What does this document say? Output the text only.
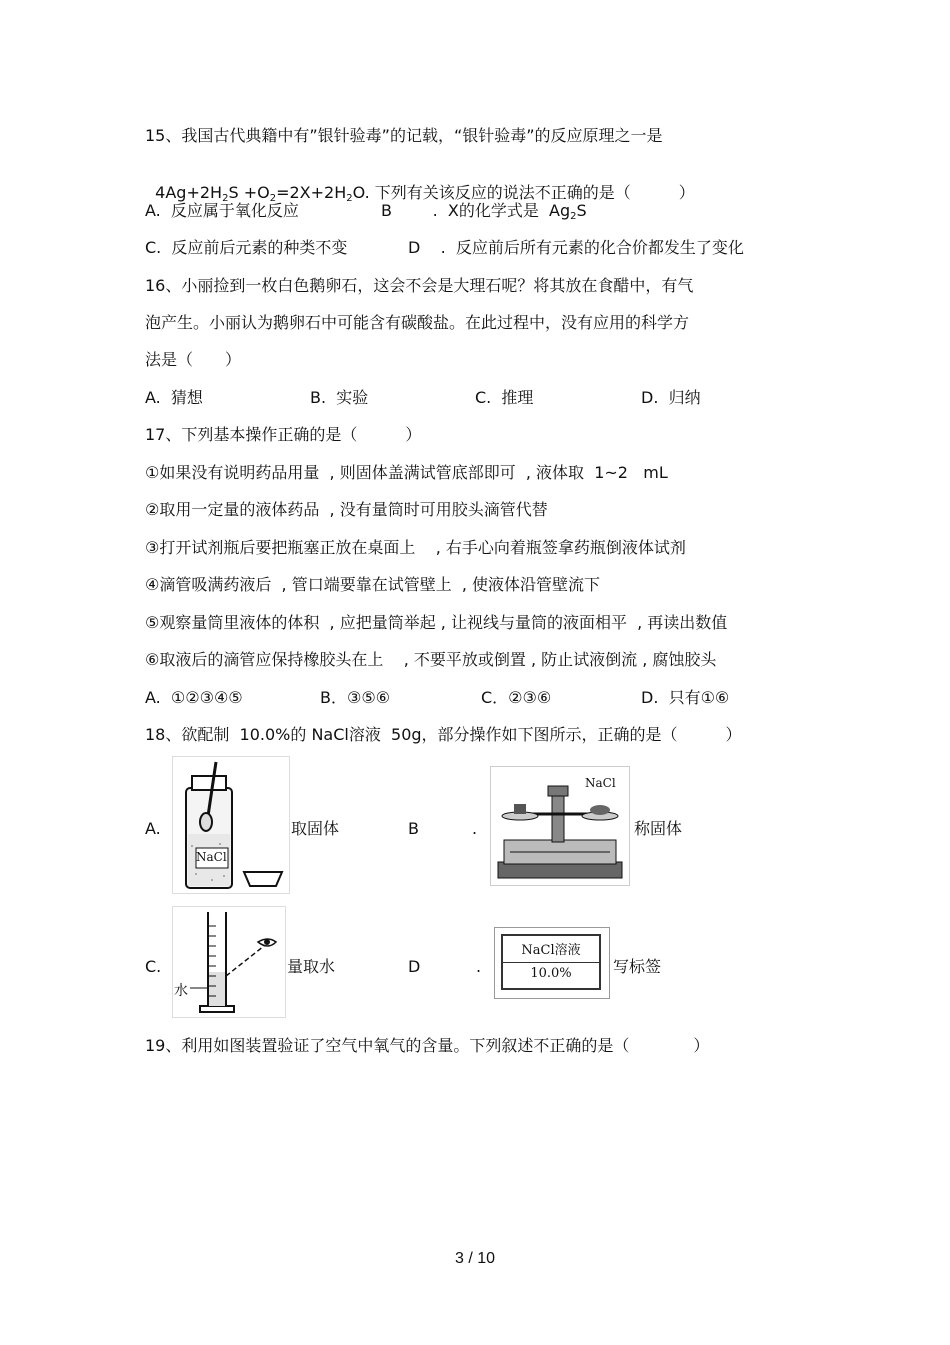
15、我国古代典籍中有”银针验毒”的记载，“银针验毒”的反应原理之一是

$4Ag+2H_2S +O_2=2X+2H_2O$. 下列有关该反应的说法不正确的是（　　　）

A.  反应属于氧化反应	B        .  X的化学式是  $Ag_2S$
C.  反应前后元素的种类不变	D    .  反应前后所有元素的化合价都发生了变化
16、小丽捡到一枚白色鹅卵石，这会不会是大理石呢？将其放在食醋中，有气
泡产生。小丽认为鹅卵石中可能含有碳酸盐。在此过程中，没有应用的科学方
法是（　　）
A.  猜想	B.  实验	C.  推理	D.  归纳
17、下列基本操作正确的是（　　　）
①如果没有说明药品用量  , 则固体盖满试管底部即可  , 液体取  1~2   mL
②取用一定量的液体药品  , 没有量筒时可用胶头滴管代替
③打开试剂瓶后要把瓶塞正放在桌面上    , 右手心向着瓶签拿药瓶倒液体试剂
④滴管吸满药液后  , 管口端要靠在试管壁上  , 使液体沿管壁流下
⑤观察量筒里液体的体积  , 应把量筒举起 , 让视线与量筒的液面相平  , 再读出数值
⑥取液后的滴管应保持橡胶头在上    , 不要平放或倒置 , 防止试液倒流 , 腐蚀胶头
A.  ①②③④⑤	B．③⑤⑥	C．②③⑥	D.  只有①⑥
18、欲配制  10.0%的 NaCl溶液  50g，部分操作如下图所示，正确的是（　　　）
A.
NaCl
取固体	B	.
NaCl
称固体
C.
水
量取水	D	.
NaCl溶液
10.0%	写标签
19、利用如图装置验证了空气中氧气的含量。下列叙述不正确的是（　　　　）
3 / 10
